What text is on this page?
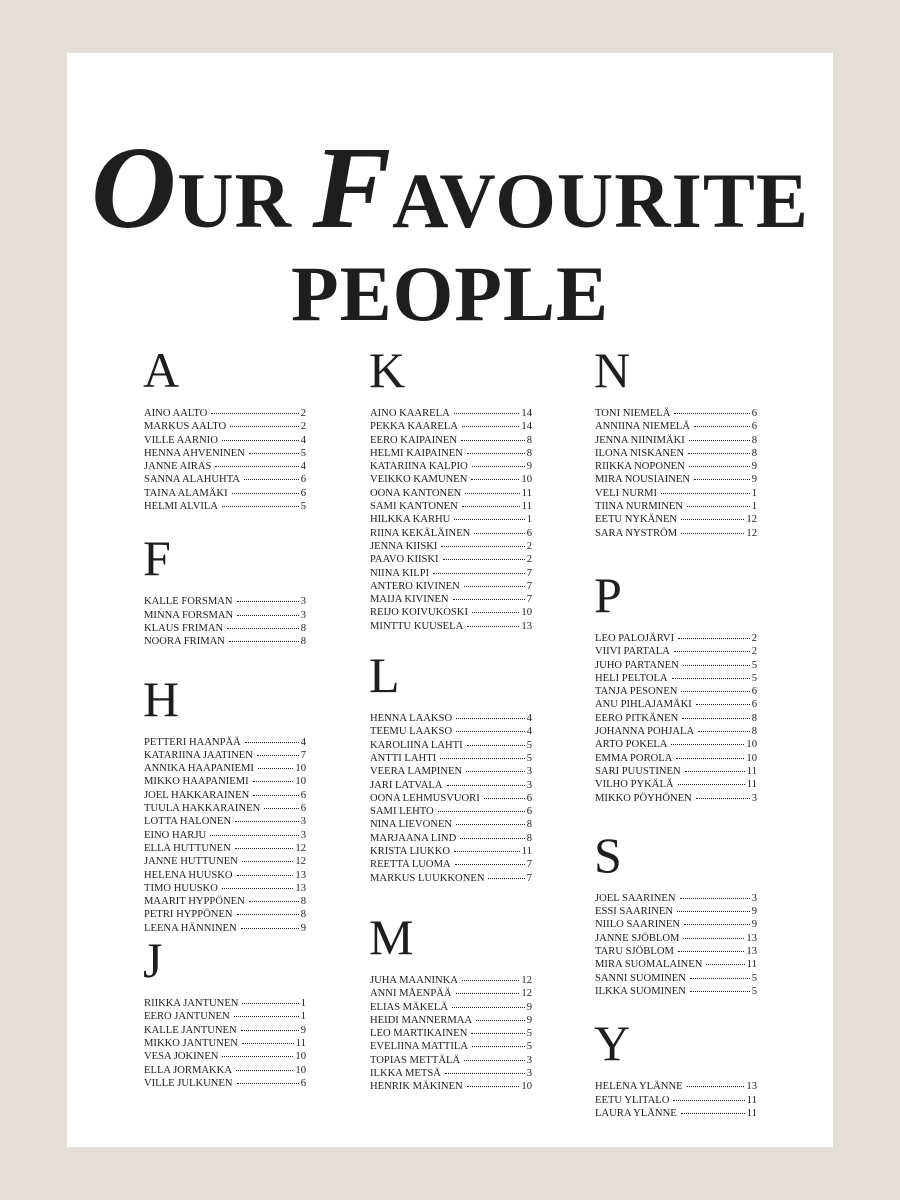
OUR FAVOURITE
PEOPLE
A
AINO AALTO	2
MARKUS AALTO	2
VILLE AARNIO	4
HENNA AHVENINEN	5
JANNE AIRAS	4
SANNA ALAHUHTA	6
TAINA ALAMÄKI	6
HELMI ALVILA	5
F
KALLE FORSMAN	3
MINNA FORSMAN	3
KLAUS FRIMAN	8
NOORA FRIMAN	8
H
PETTERI HAANPÄÄ	4
KATARIINA JAATINEN	7
ANNIKA HAAPANIEMI	10
MIKKO HAAPANIEMI	10
JOEL HAKKARAINEN	6
TUULA HAKKARAINEN	6
LOTTA HALONEN	3
EINO HARJU	3
ELLA HUTTUNEN	12
JANNE HUTTUNEN	12
HELENA HUUSKO	13
TIMO HUUSKO	13
MAARIT HYPPÖNEN	8
PETRI HYPPÖNEN	8
LEENA HÄNNINEN	9
J
RIIKKA JANTUNEN	1
EERO JANTUNEN	1
KALLE JANTUNEN	9
MIKKO JANTUNEN	11
VESA JOKINEN	10
ELLA JORMAKKA	10
VILLE JULKUNEN	6
K
AINO KAARELA	14
PEKKA KAARELA	14
EERO KAIPAINEN	8
HELMI KAIPAINEN	8
KATARIINA KALPIO	9
VEIKKO KAMUNEN	10
OONA KANTONEN	11
SAMI KANTONEN	11
HILKKA KARHU	1
RIINA KEKÄLÄINEN	6
JENNA KIISKI	2
PAAVO KIISKI	2
NIINA KILPI	7
ANTERO KIVINEN	7
MAIJA KIVINEN	7
REIJO KOIVUKOSKI	10
MINTTU KUUSELA	13
L
HENNA LAAKSO	4
TEEMU LAAKSO	4
KAROLIINA LAHTI	5
ANTTI LAHTI	5
VEERA LAMPINEN	3
JARI LATVALA	3
OONA LEHMUSVUORI	6
SAMI LEHTO	6
NINA LIEVONEN	8
MARJAANA LIND	8
KRISTA LIUKKO	11
REETTA LUOMA	7
MARKUS LUUKKONEN	7
M
JUHA MAANINKA	12
ANNI MÅENPÄÄ	12
ELIAS MÄKELÄ	9
HEIDI MANNERMAA	9
LEO MARTIKAINEN	5
EVELIINA MATTILA	5
TOPIAS METTÄLÄ	3
ILKKA METSÄ	3
HENRIK MÄKINEN	10
N
TONI NIEMELÄ	6
ANNIINA NIEMELÄ	6
JENNA NIINIMÄKI	8
ILONA NISKANEN	8
RIIKKA NOPONEN	9
MIRA NOUSIAINEN	9
VELI NURMI	1
TIINA NURMINEN	1
EETU NYKÄNEN	12
SARA NYSTRÖM	12
P
LEO PALOJÄRVI	2
VIIVI PARTALA	2
JUHO PARTANEN	5
HELI PELTOLA	5
TANJA PESONEN	6
ANU PIHLAJAMÄKI	6
EERO PITKÄNEN	8
JOHANNA POHJALA	8
ARTO POKELA	10
EMMA POROLA	10
SARI PUUSTINEN	11
VILHO PYKÄLÄ	11
MIKKO PÖYHÖNEN	3
S
JOEL SAARINEN	3
ESSI SAARINEN	9
NIILO SAARINEN	9
JANNE SJÖBLOM	13
TARU SJÖBLOM	13
MIRA SUOMALAINEN	11
SANNI SUOMINEN	5
ILKKA SUOMINEN	5
Y
HELENA YLÄNNE	13
EETU YLITALO	11
LAURA YLÄNNE	11
